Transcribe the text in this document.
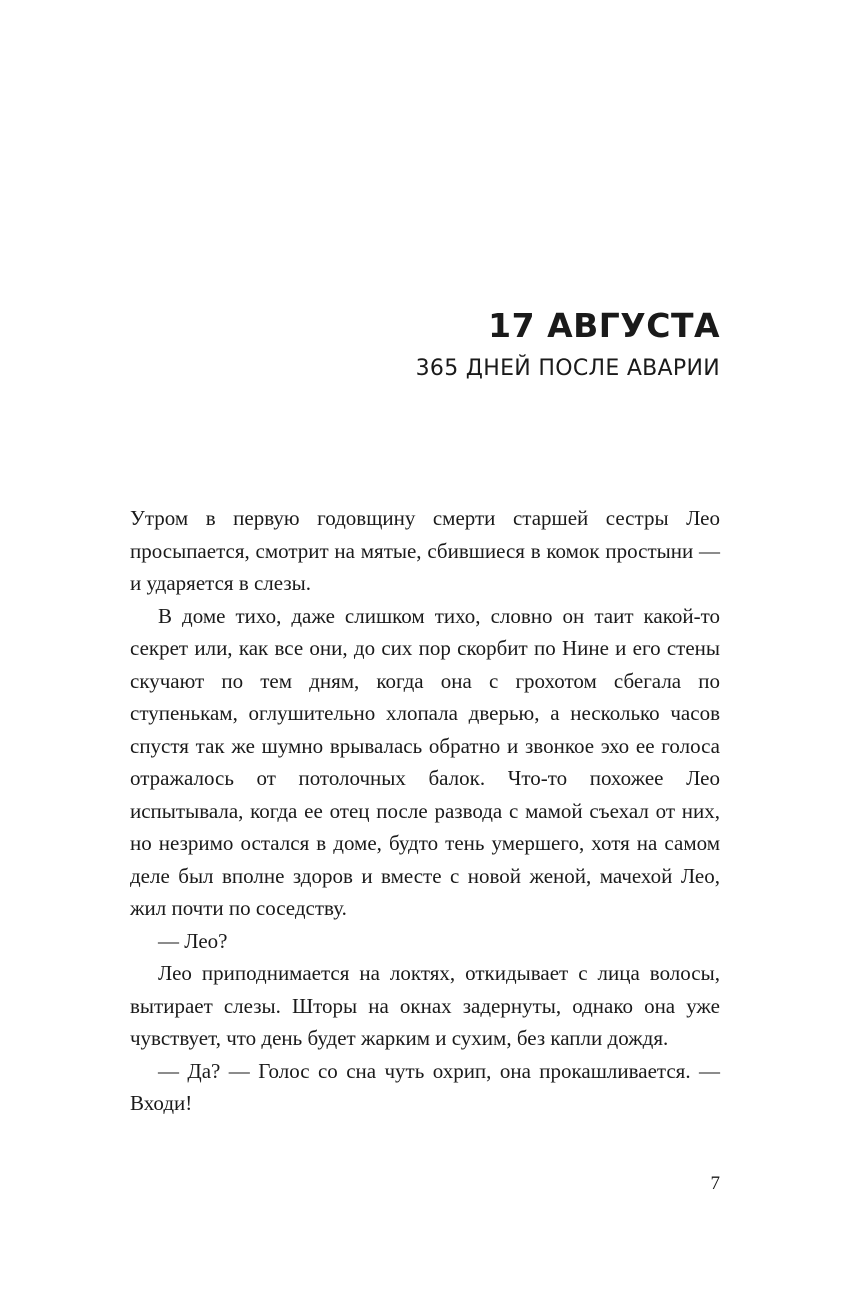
17 АВГУСТА
365 ДНЕЙ ПОСЛЕ АВАРИИ

Утром в первую годовщину смерти старшей сестры Лео просыпается, смотрит на мятые, сбившиеся в комок простыни — и ударяется в слезы.

В доме тихо, даже слишком тихо, словно он таит какой-то секрет или, как все они, до сих пор скорбит по Нине и его стены скучают по тем дням, когда она с грохотом сбегала по ступенькам, оглушительно хлопала дверью, а несколько часов спустя так же шумно врывалась обратно и звонкое эхо ее голоса отражалось от потолочных балок. Что-то похожее Лео испытывала, когда ее отец после развода с мамой съехал от них, но незримо остался в доме, будто тень умершего, хотя на самом деле был вполне здоров и вместе с новой женой, мачехой Лео, жил почти по соседству.

— Лео?

Лео приподнимается на локтях, откидывает с лица волосы, вытирает слезы. Шторы на окнах задернуты, однако она уже чувствует, что день будет жарким и сухим, без капли дождя.

— Да? — Голос со сна чуть охрип, она прокашливается. — Входи!

7
